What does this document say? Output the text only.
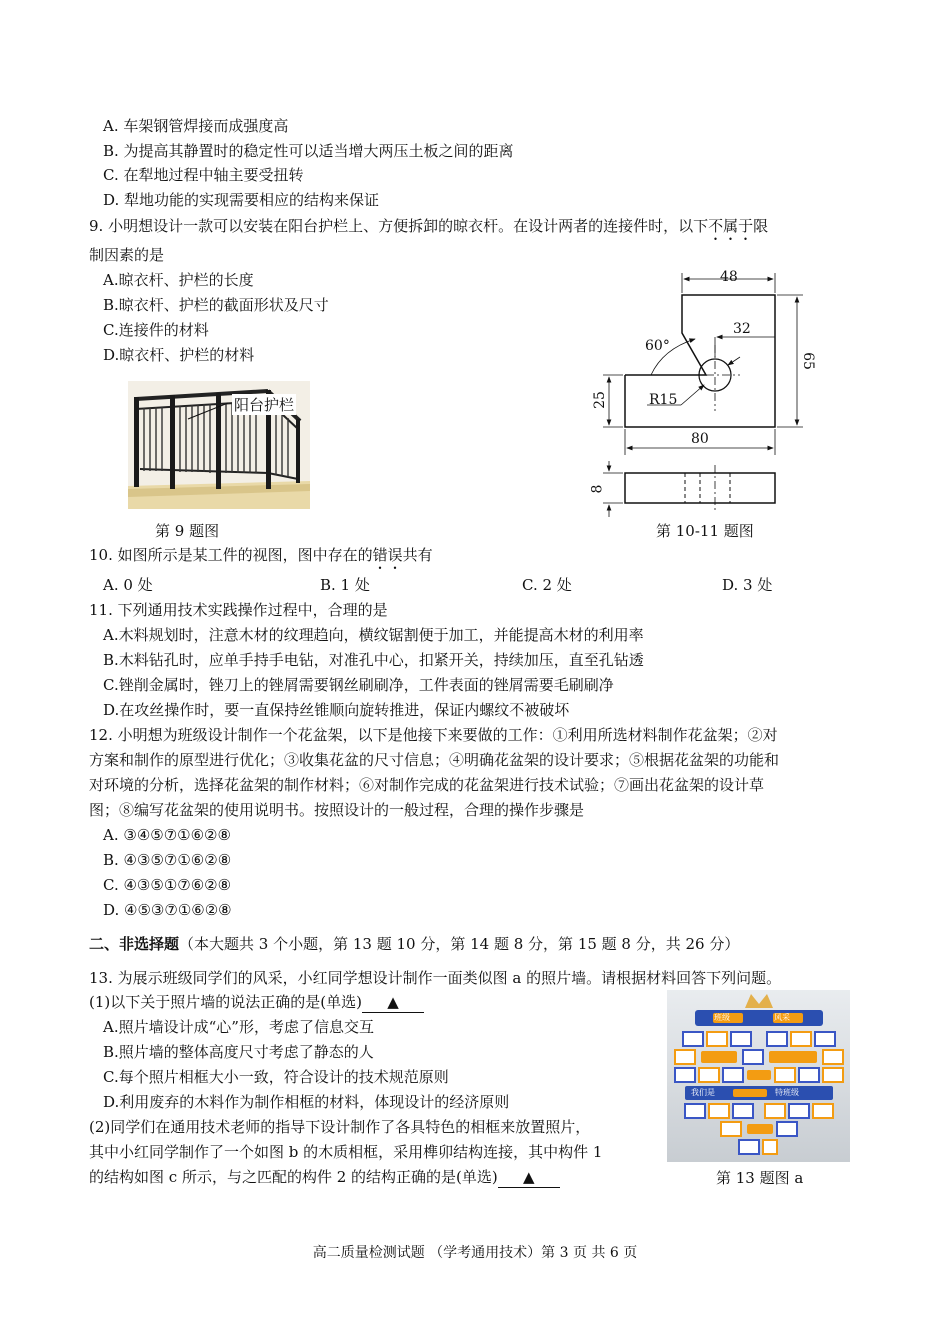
A. 车架钢管焊接而成强度高
B. 为提高其静置时的稳定性可以适当增大两压土板之间的距离
C. 在犁地过程中轴主要受扭转
D. 犁地功能的实现需要相应的结构来保证
9. 小明想设计一款可以安装在阳台护栏上、方便拆卸的晾衣杆。在设计两者的连接件时，以下不属于限
制因素的是
A.晾衣杆、护栏的长度
B.晾衣杆、护栏的截面形状及尺寸
C.连接件的材料
D.晾衣杆、护栏的材料
阳台护栏
第 9 题图
48
32
65
60°
25	R15
80
8
第 10-11 题图
10. 如图所示是某工件的视图，图中存在的错误共有
A. 0 处	B. 1 处	C. 2 处	D. 3 处
11. 下列通用技术实践操作过程中，合理的是
A.木料规划时，注意木材的纹理趋向，横纹锯割便于加工，并能提高木材的利用率
B.木料钻孔时，应单手持手电钻，对准孔中心，扣紧开关，持续加压，直至孔钻透
C.锉削金属时，锉刀上的锉屑需要钢丝刷刷净，工件表面的锉屑需要毛刷刷净
D.在攻丝操作时，要一直保持丝锥顺向旋转推进，保证内螺纹不被破坏
12. 小明想为班级设计制作一个花盆架，以下是他接下来要做的工作：①利用所选材料制作花盆架；②对
方案和制作的原型进行优化；③收集花盆的尺寸信息；④明确花盆架的设计要求；⑤根据花盆架的功能和
对环境的分析，选择花盆架的制作材料；⑥对制作完成的花盆架进行技术试验；⑦画出花盆架的设计草
图；⑧编写花盆架的使用说明书。按照设计的一般过程，合理的操作步骤是
A. ③④⑤⑦①⑥②⑧
B. ④③⑤⑦①⑥②⑧
C. ④③⑤①⑦⑥②⑧
D. ④⑤③⑦①⑥②⑧
二、非选择题（本大题共 3 个小题，第 13 题 10 分，第 14 题 8 分，第 15 题 8 分，共 26 分）
13. 为展示班级同学们的风采，小红同学想设计制作一面类似图 a 的照片墙。请根据材料回答下列问题。
(1)以下关于照片墙的说法正确的是(单选) ▲
A.照片墙设计成“心”形，考虑了信息交互
B.照片墙的整体高度尺寸考虑了静态的人
C.每个照片相框大小一致，符合设计的技术规范原则
D.利用废弃的木料作为制作相框的材料，体现设计的经济原则
(2)同学们在通用技术老师的指导下设计制作了各具特色的相框来放置照片，
其中小红同学制作了一个如图 b 的木质相框，采用榫卯结构连接，其中构件 1
的结构如图 c 所示，与之匹配的构件 2 的结构正确的是(单选) ▲
班级	风采
我们是	特班级
第 13 题图 a
高二质量检测试题 （学考通用技术）第 3 页 共 6 页
